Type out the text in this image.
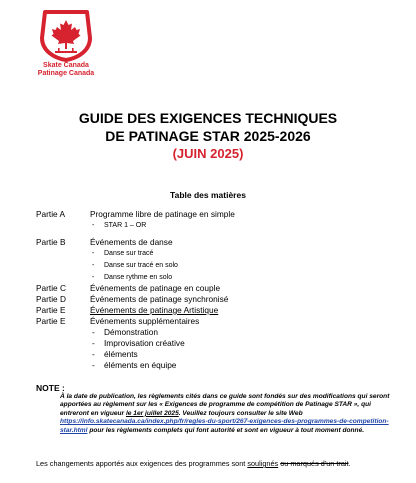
Skate Canada
Patinage Canada
GUIDE DES EXIGENCES TECHNIQUES
DE PATINAGE STAR 2025-2026
(JUIN 2025)
Table des matières
Partie A	Programme libre de patinage en simple
- STAR 1 – OR
Partie B	Événements de danse
- Danse sur tracé
- Danse sur tracé en solo
- Danse rythme en solo
Partie C	Événements de patinage en couple
Partie D	Événements de patinage synchronisé
Partie E	Événements de patinage Artistique
Partie E	Événements supplémentaires
- Démonstration
- Improvisation créative
- éléments
- éléments en équipe
NOTE :
À la date de publication, les règlements cités dans ce guide sont fondés sur des modifications qui seront apportées au règlement sur les « Exigences de programme de compétition de Patinage STAR », qui entreront en vigueur le 1er juillet 2025. Veuillez toujours consulter le site Web https://info.skatecanada.ca/index.php/fr/regles-du-sport/267-exigences-des-programmes-de-competition-star.html pour les règlements complets qui font autorité et sont en vigueur à tout moment donné.
Les changements apportés aux exigences des programmes sont soulignés ou marqués d'un trait.
